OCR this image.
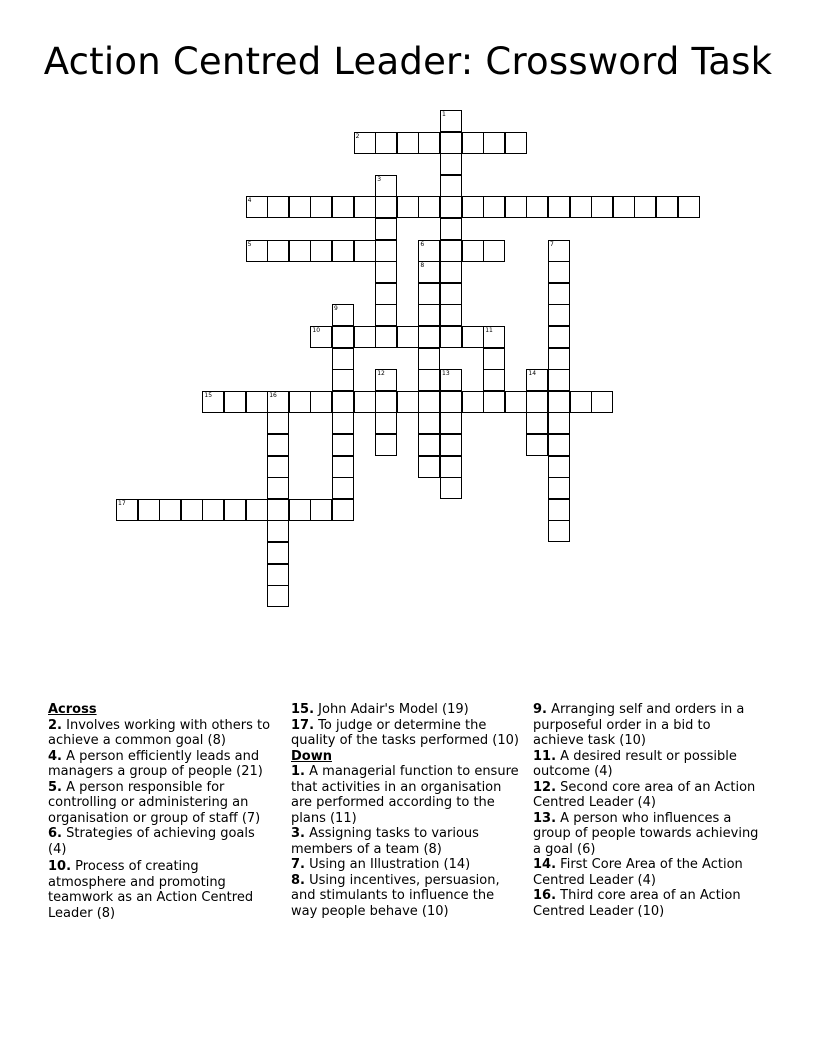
Action Centred Leader: Crossword Task
1
2
3
4
5	6	7
8
9
10	11
12	13	14
15	16
17
Across
2. Involves working with others to achieve a common goal (8)
4. A person efficiently leads and managers a group of people (21)
5. A person responsible for controlling or administering an organisation or group of staff (7)
6. Strategies of achieving goals (4)
10. Process of creating atmosphere and promoting teamwork as an Action Centred Leader (8)
15. John Adair's Model (19)
17. To judge or determine the quality of the tasks performed (10)
Down
1. A managerial function to ensure that activities in an organisation are performed according to the plans (11)
3. Assigning tasks to various members of a team (8)
7. Using an Illustration (14)
8. Using incentives, persuasion, and stimulants to influence the way people behave (10)
9. Arranging self and orders in a purposeful order in a bid to achieve task (10)
11. A desired result or possible outcome (4)
12. Second core area of an Action Centred Leader (4)
13. A person who influences a group of people towards achieving a goal (6)
14. First Core Area of the Action Centred Leader (4)
16. Third core area of an Action Centred Leader (10)
